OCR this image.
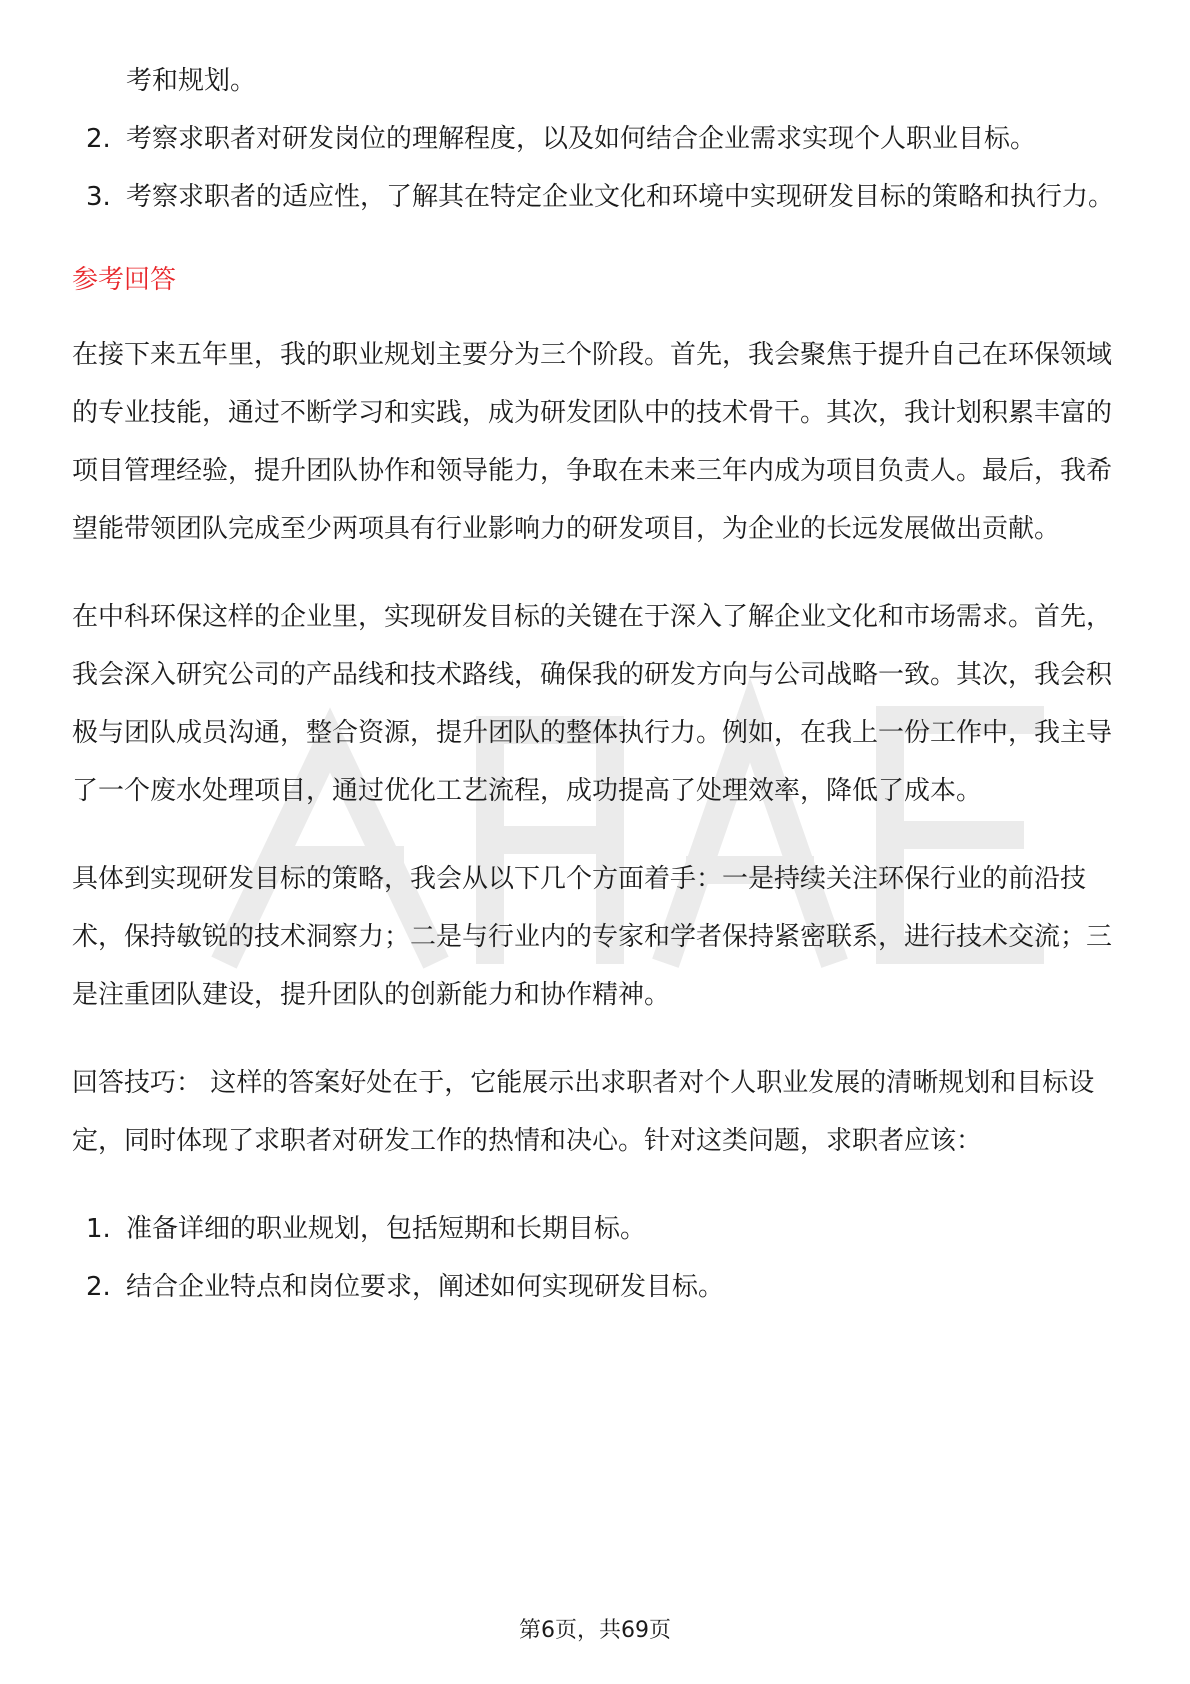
考和规划。
2. 考察求职者对研发岗位的理解程度，以及如何结合企业需求实现个人职业目标。
3. 考察求职者的适应性，了解其在特定企业文化和环境中实现研发目标的策略和执行力。
参考回答

在接下来五年里，我的职业规划主要分为三个阶段。首先，我会聚焦于提升自己在环保领域的专业技能，通过不断学习和实践，成为研发团队中的技术骨干。其次，我计划积累丰富的项目管理经验，提升团队协作和领导能力，争取在未来三年内成为项目负责人。最后，我希望能带领团队完成至少两项具有行业影响力的研发项目，为企业的长远发展做出贡献。

在中科环保这样的企业里，实现研发目标的关键在于深入了解企业文化和市场需求。首先，我会深入研究公司的产品线和技术路线，确保我的研发方向与公司战略一致。其次，我会积极与团队成员沟通，整合资源，提升团队的整体执行力。例如，在我上一份工作中，我主导了一个废水处理项目，通过优化工艺流程，成功提高了处理效率，降低了成本。

具体到实现研发目标的策略，我会从以下几个方面着手：一是持续关注环保行业的前沿技术，保持敏锐的技术洞察力；二是与行业内的专家和学者保持紧密联系，进行技术交流；三是注重团队建设，提升团队的创新能力和协作精神。

回答技巧： 这样的答案好处在于，它能展示出求职者对个人职业发展的清晰规划和目标设定，同时体现了求职者对研发工作的热情和决心。针对这类问题，求职者应该：

1. 准备详细的职业规划，包括短期和长期目标。
2. 结合企业特点和岗位要求，阐述如何实现研发目标。
第6页，共69页
